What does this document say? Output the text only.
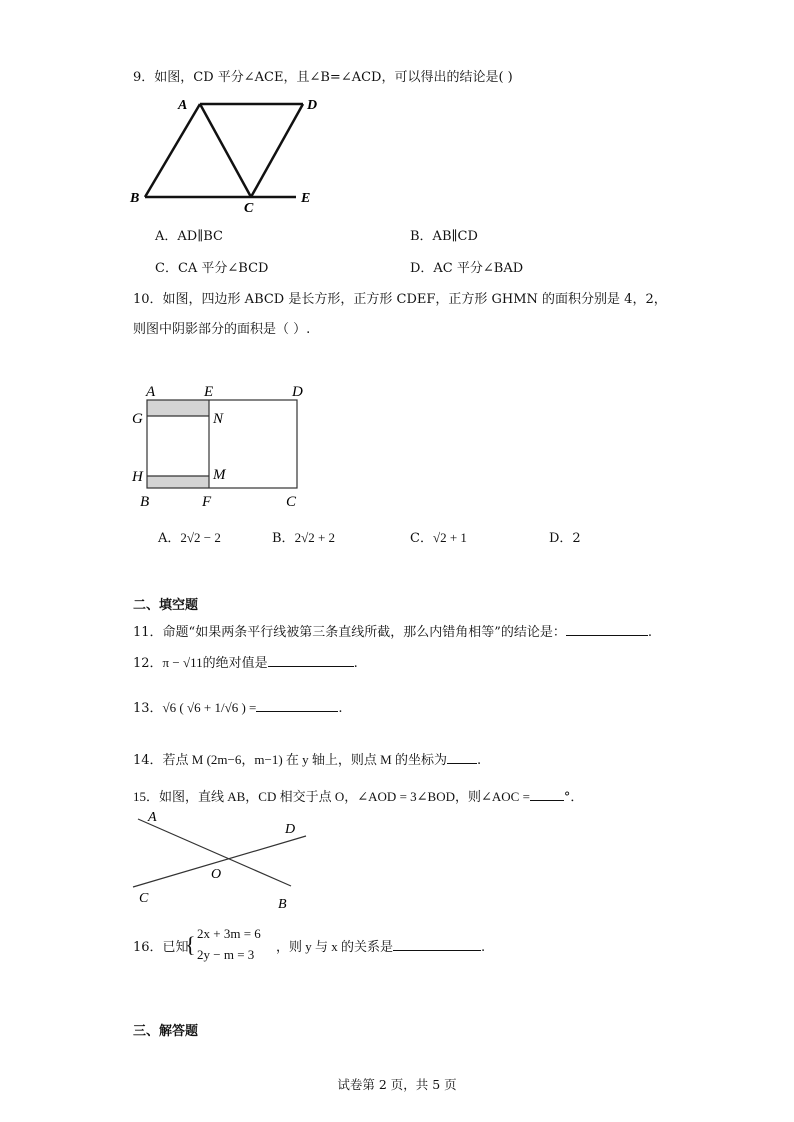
9．如图，CD 平分∠ACE，且∠B=∠ACD，可以得出的结论是( )
A	D
B
C
E
A．AD∥BC	B．AB∥CD
C．CA 平分∠BCD	D．AC 平分∠BAD
10．如图，四边形 ABCD 是长方形，正方形 CDEF，正方形 GHMN 的面积分别是 4，2，
则图中阴影部分的面积是（ ）.
A	E	D
G	N
H	M
B	F	C
A．2√2 − 2	B．2√2 + 2	C．√2 + 1	D．2
二、填空题
11．命题“如果两条平行线被第三条直线所截，那么内错角相等”的结论是：	.
12．π − √11的绝对值是	.
13．√6 ( √6 + 1/√6 ) =	.
14．若点 M (2m−6，m−1) 在 y 轴上，则点 M 的坐标为 .
15．如图，直线 AB，CD 相交于点 O，∠AOD = 3∠BOD，则∠AOC =	°．
A
D
O
C	B
16．已知
{ 2x + 3m = 6
2y − m = 3
，则 y 与 x 的关系是	.
三、解答题
试卷第 2 页，共 5 页
